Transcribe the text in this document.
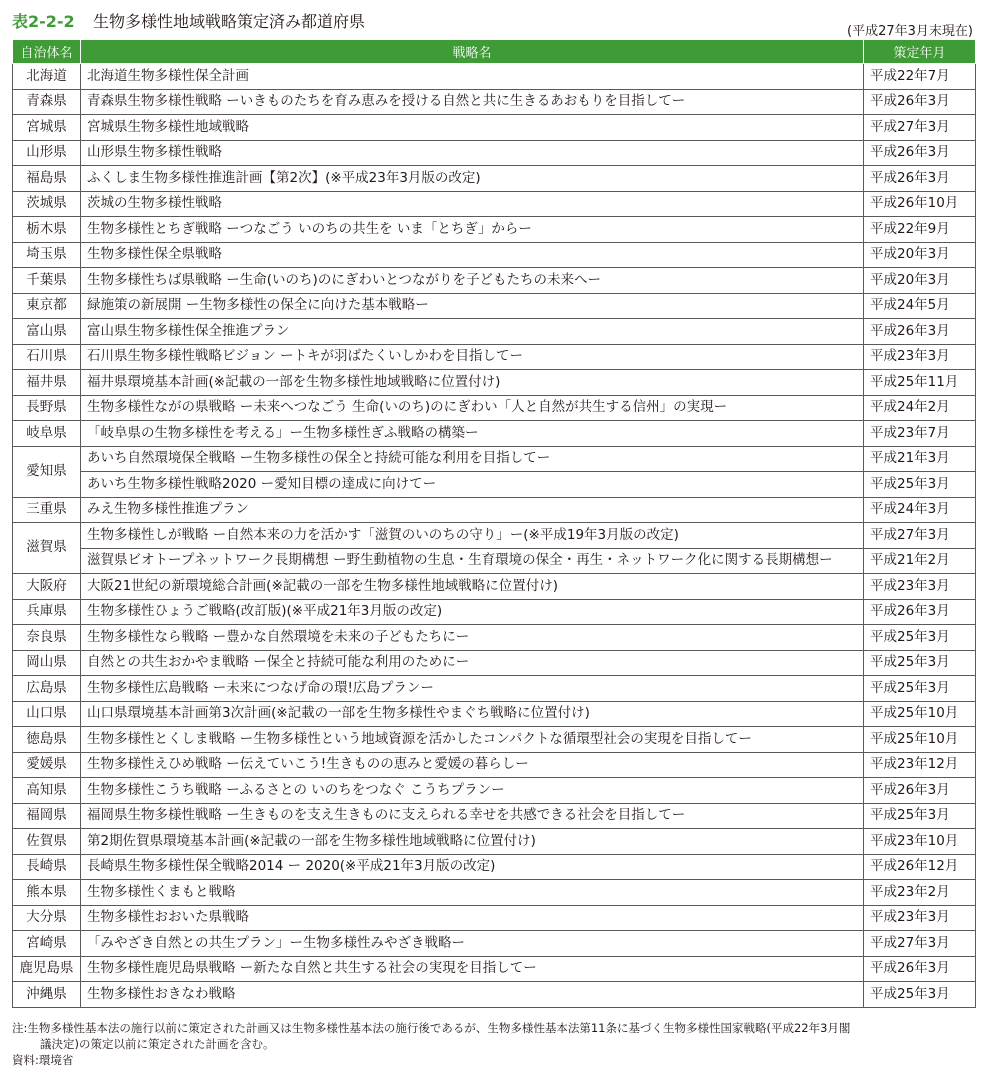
表2-2-2 生物多様性地域戦略策定済み都道府県
(平成27年3月末現在)
自治体名	戦略名	策定年月
北海道	北海道生物多様性保全計画	平成22年7月
青森県	青森県生物多様性戦略 ーいきものたちを育み恵みを授ける自然と共に生きるあおもりを目指してー	平成26年3月
宮城県	宮城県生物多様性地域戦略	平成27年3月
山形県	山形県生物多様性戦略	平成26年3月
福島県	ふくしま生物多様性推進計画【第2次】(※平成23年3月版の改定)	平成26年3月
茨城県	茨城の生物多様性戦略	平成26年10月
栃木県	生物多様性とちぎ戦略 ーつなごう いのちの共生を いま「とちぎ」からー	平成22年9月
埼玉県	生物多様性保全県戦略	平成20年3月
千葉県	生物多様性ちば県戦略 ー生命(いのち)のにぎわいとつながりを子どもたちの未来へー	平成20年3月
東京都	緑施策の新展開 ー生物多様性の保全に向けた基本戦略ー	平成24年5月
富山県	富山県生物多様性保全推進プラン	平成26年3月
石川県	石川県生物多様性戦略ビジョン ートキが羽ばたくいしかわを目指してー	平成23年3月
福井県	福井県環境基本計画(※記載の一部を生物多様性地域戦略に位置付け)	平成25年11月
長野県	生物多様性ながの県戦略 ー未来へつなごう 生命(いのち)のにぎわい「人と自然が共生する信州」の実現ー	平成24年2月
岐阜県	「岐阜県の生物多様性を考える」ー生物多様性ぎふ戦略の構築ー	平成23年7月
愛知県	あいち自然環境保全戦略 ー生物多様性の保全と持続可能な利用を目指してー	平成21年3月
	あいち生物多様性戦略2020 ー愛知目標の達成に向けてー	平成25年3月
三重県	みえ生物多様性推進プラン	平成24年3月
滋賀県	生物多様性しが戦略 ー自然本来の力を活かす「滋賀のいのちの守り」ー(※平成19年3月版の改定)	平成27年3月
	滋賀県ビオトープネットワーク長期構想 ー野生動植物の生息・生育環境の保全・再生・ネットワーク化に関する長期構想ー	平成21年2月
大阪府	大阪21世紀の新環境総合計画(※記載の一部を生物多様性地域戦略に位置付け)	平成23年3月
兵庫県	生物多様性ひょうご戦略(改訂版)(※平成21年3月版の改定)	平成26年3月
奈良県	生物多様性なら戦略 ー豊かな自然環境を未来の子どもたちにー	平成25年3月
岡山県	自然との共生おかやま戦略 ー保全と持続可能な利用のためにー	平成25年3月
広島県	生物多様性広島戦略 ー未来につなげ命の環!広島プランー	平成25年3月
山口県	山口県環境基本計画第3次計画(※記載の一部を生物多様性やまぐち戦略に位置付け)	平成25年10月
徳島県	生物多様性とくしま戦略 ー生物多様性という地域資源を活かしたコンパクトな循環型社会の実現を目指してー	平成25年10月
愛媛県	生物多様性えひめ戦略 ー伝えていこう!生きものの恵みと愛媛の暮らしー	平成23年12月
高知県	生物多様性こうち戦略 ーふるさとの いのちをつなぐ こうちプランー	平成26年3月
福岡県	福岡県生物多様性戦略 ー生きものを支え生きものに支えられる幸せを共感できる社会を目指してー	平成25年3月
佐賀県	第2期佐賀県環境基本計画(※記載の一部を生物多様性地域戦略に位置付け)	平成23年10月
長崎県	長崎県生物多様性保全戦略2014 ー 2020(※平成21年3月版の改定)	平成26年12月
熊本県	生物多様性くまもと戦略	平成23年2月
大分県	生物多様性おおいた県戦略	平成23年3月
宮崎県	「みやざき自然との共生プラン」ー生物多様性みやざき戦略ー	平成27年3月
鹿児島県	生物多様性鹿児島県戦略 ー新たな自然と共生する社会の実現を目指してー	平成26年3月
沖縄県	生物多様性おきなわ戦略	平成25年3月
注:生物多様性基本法の施行以前に策定された計画又は生物多様性基本法の施行後であるが、生物多様性基本法第11条に基づく生物多様性国家戦略(平成22年3月閣
議決定)の策定以前に策定された計画を含む。
資料:環境省
